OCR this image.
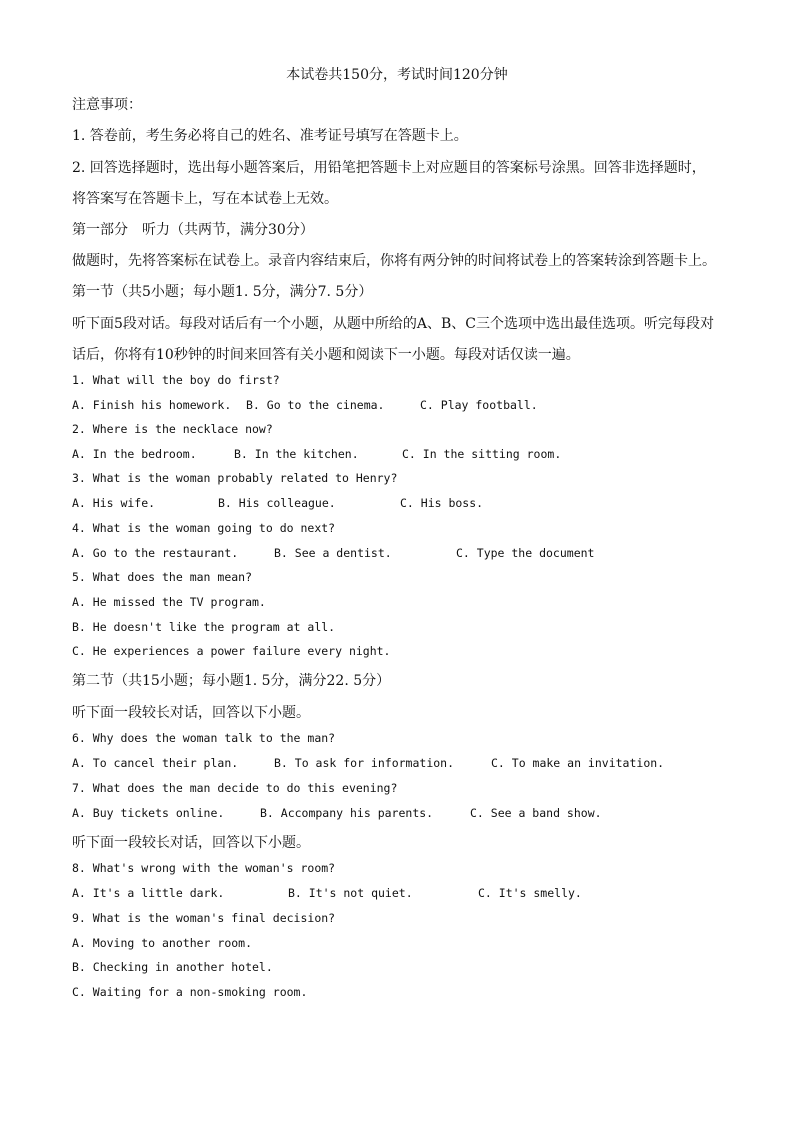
本试卷共150分，考试时间120分钟
注意事项：
1. 答卷前，考生务必将自己的姓名、准考证号填写在答题卡上。
2. 回答选择题时，选出每小题答案后，用铅笔把答题卡上对应题目的答案标号涂黑。回答非选择题时，
将答案写在答题卡上，写在本试卷上无效。
第一部分　听力（共两节，满分30分）
做题时，先将答案标在试卷上。录音内容结束后，你将有两分钟的时间将试卷上的答案转涂到答题卡上。
第一节（共5小题；每小题1. 5分，满分7. 5分）
听下面5段对话。每段对话后有一个小题，从题中所给的A、B、C三个选项中选出最佳选项。听完每段对
话后，你将有10秒钟的时间来回答有关小题和阅读下一小题。每段对话仅读一遍。
1. What will the boy do first?
A. Finish his homework. B. Go to the cinema.	C. Play football.
2. Where is the necklace now?
A. In the bedroom.	B. In the kitchen.	C. In the sitting room.
3. What is the woman probably related to Henry?
A. His wife.	B. His colleague.	C. His boss.
4. What is the woman going to do next?
A. Go to the restaurant.	B. See a dentist.	C. Type the document
5. What does the man mean?
A. He missed the TV program.
B. He doesn't like the program at all.
C. He experiences a power failure every night.
第二节（共15小题；每小题1. 5分，满分22. 5分）
听下面一段较长对话，回答以下小题。
6. Why does the woman talk to the man?
A. To cancel their plan.	B. To ask for information.	C. To make an invitation.
7. What does the man decide to do this evening?
A. Buy tickets online.	B. Accompany his parents.	C. See a band show.
听下面一段较长对话，回答以下小题。
8. What's wrong with the woman's room?
A. It's a little dark.	B. It's not quiet.	C. It's smelly.
9. What is the woman's final decision?
A. Moving to another room.
B. Checking in another hotel.
C. Waiting for a non-smoking room.
